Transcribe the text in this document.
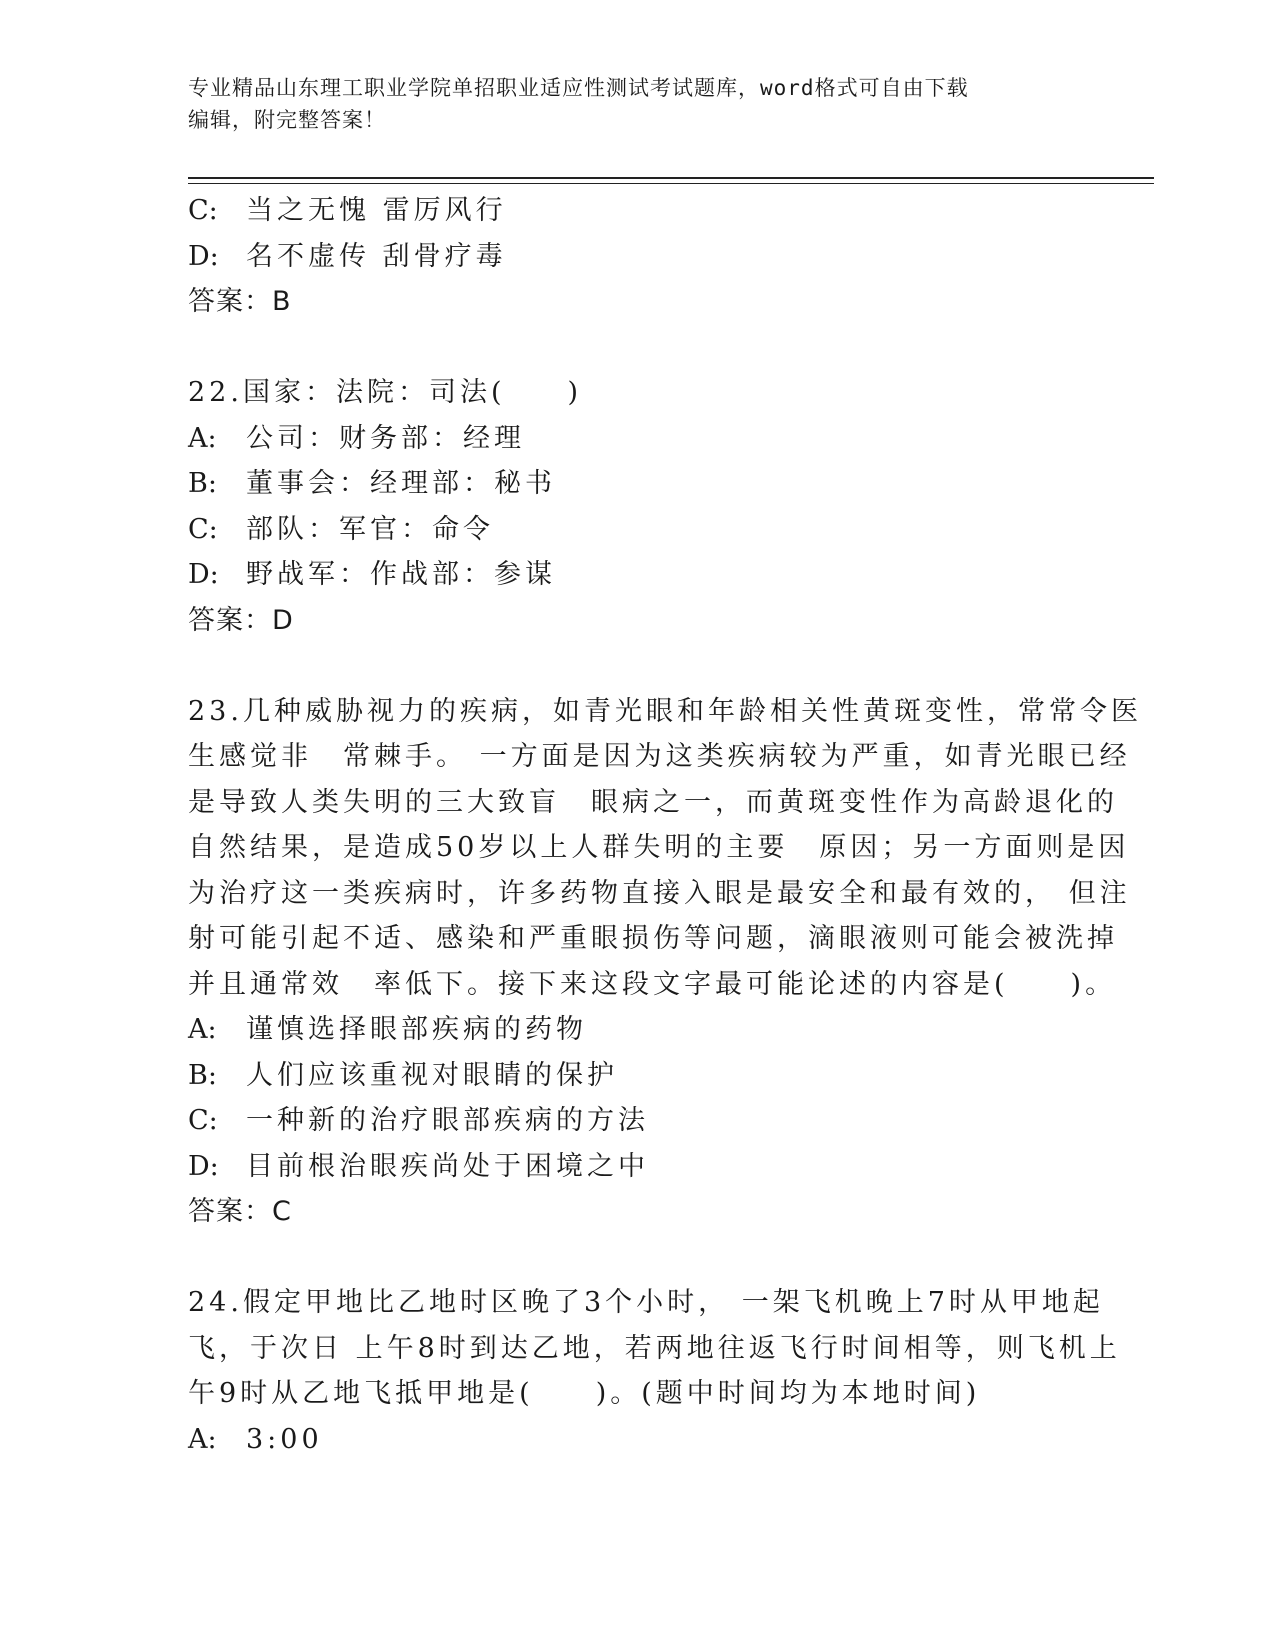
专业精品山东理工职业学院单招职业适应性测试考试题库，word格式可自由下载
编辑，附完整答案！
C: 当之无愧 雷厉风行
D: 名不虚传 刮骨疗毒
答案：B
22.国家：法院：司法(　　)
A: 公司：财务部：经理
B: 董事会：经理部：秘书
C: 部队：军官：命令
D: 野战军：作战部：参谋
答案：D
23.几种威胁视力的疾病，如青光眼和年龄相关性黄斑变性，常常令医
生感觉非　常棘手。 一方面是因为这类疾病较为严重，如青光眼已经
是导致人类失明的三大致盲　眼病之一，而黄斑变性作为高龄退化的
自然结果，是造成50岁以上人群失明的主要　原因；另一方面则是因
为治疗这一类疾病时，许多药物直接入眼是最安全和最有效的， 但注
射可能引起不适、感染和严重眼损伤等问题，滴眼液则可能会被洗掉
并且通常效　率低下。接下来这段文字最可能论述的内容是(　　)。
A: 谨慎选择眼部疾病的药物
B: 人们应该重视对眼睛的保护
C: 一种新的治疗眼部疾病的方法
D: 目前根治眼疾尚处于困境之中
答案：C
24.假定甲地比乙地时区晚了3个小时， 一架飞机晚上7时从甲地起
飞，于次日 上午8时到达乙地，若两地往返飞行时间相等，则飞机上
午9时从乙地飞抵甲地是(　　)。(题中时间均为本地时间)
A: 3:00
